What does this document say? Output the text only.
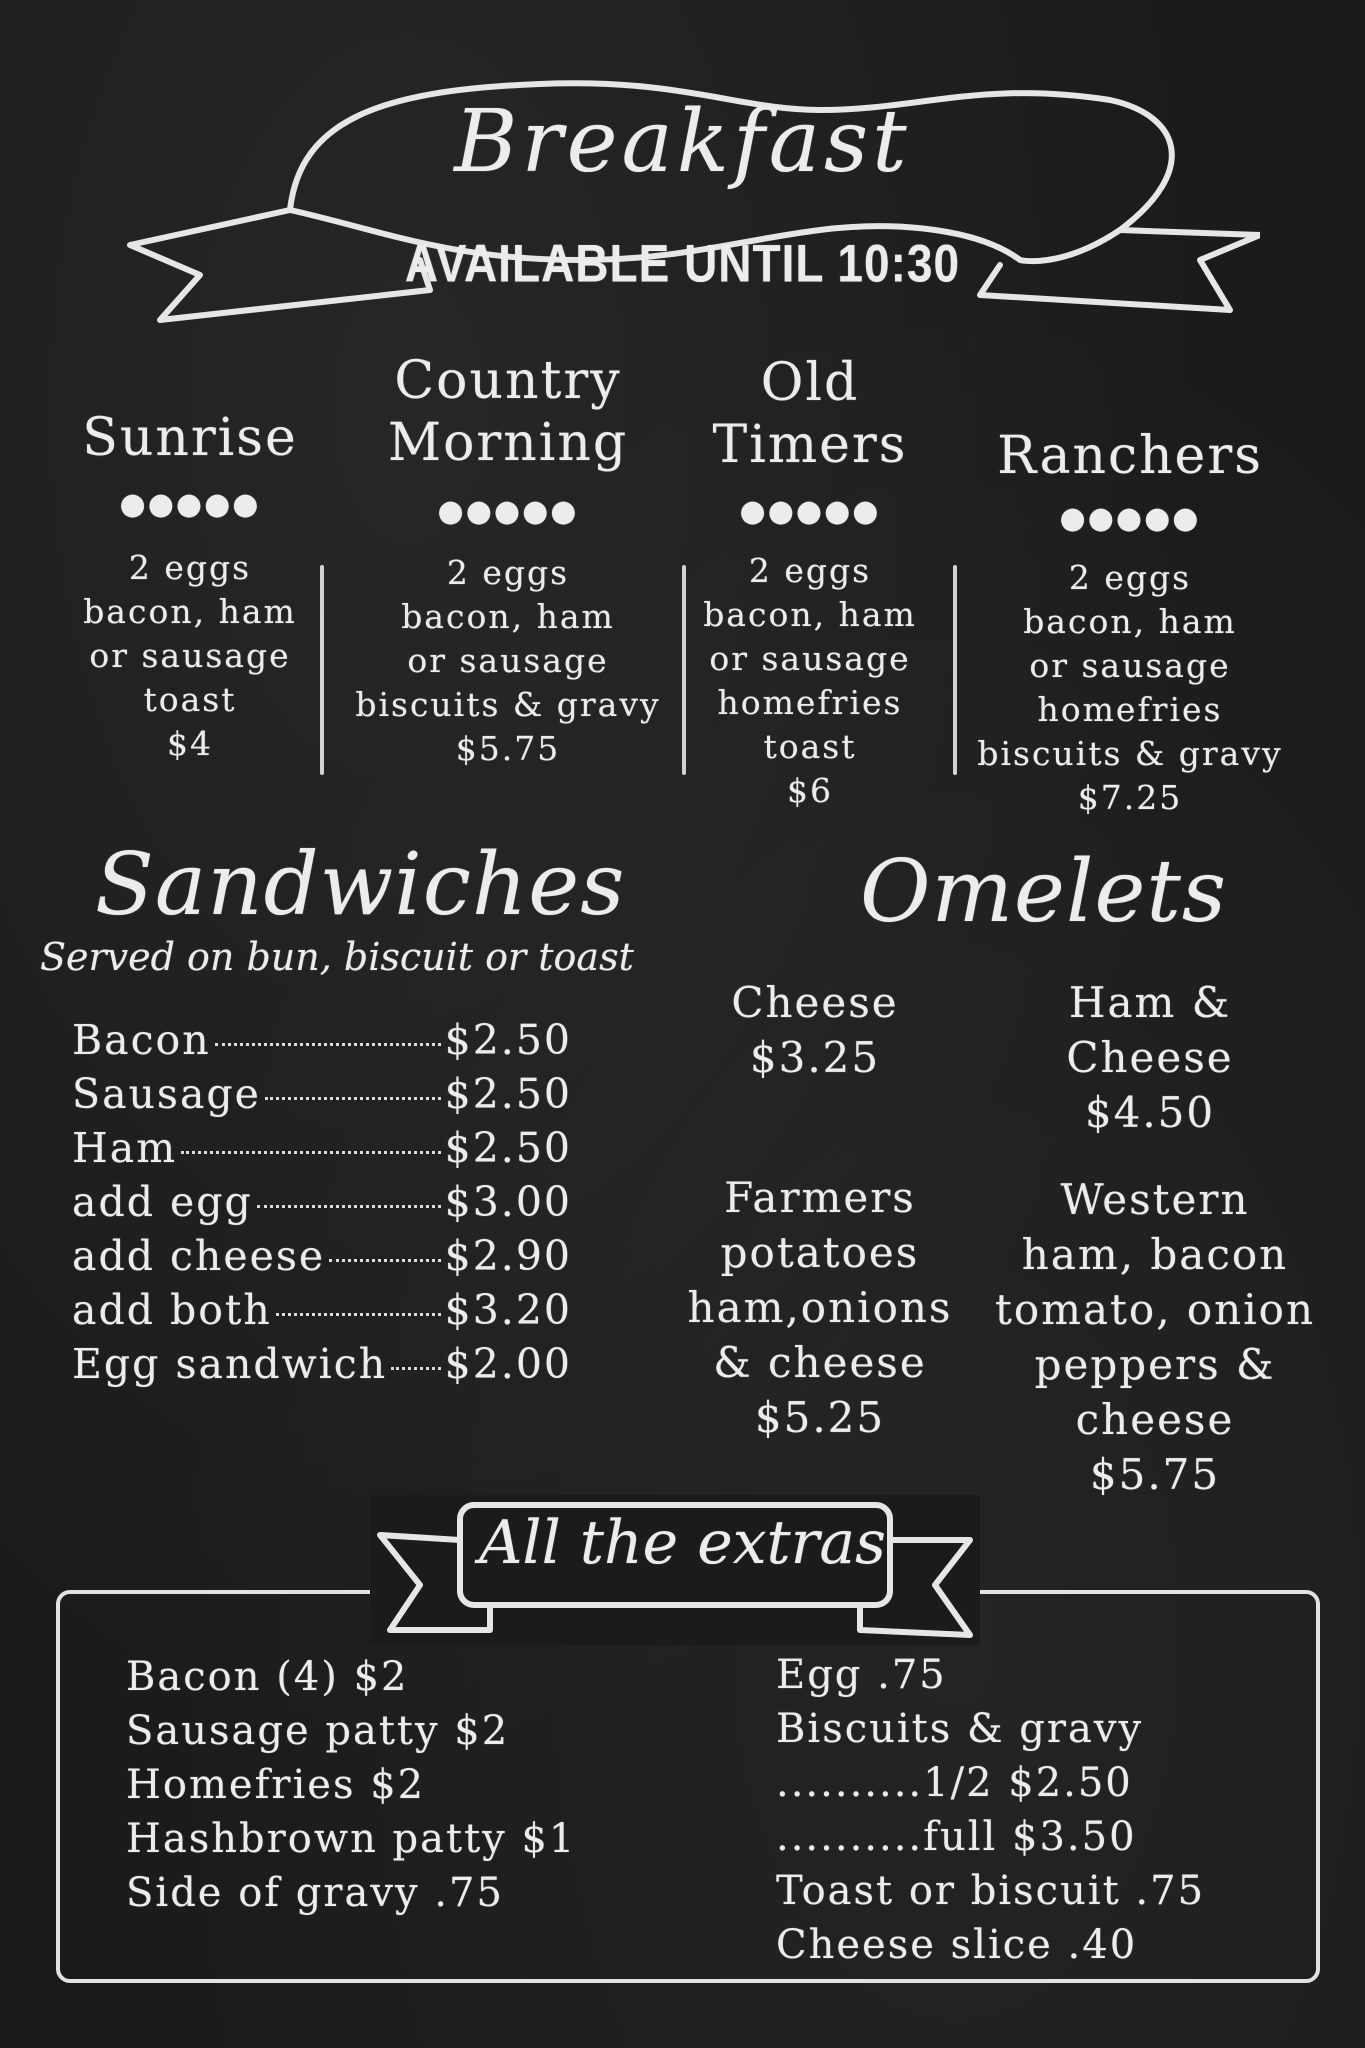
Breakfast
AVAILABLE UNTIL 10:30
Sunrise
●●●●●
2 eggs
bacon, ham
or sausage
toast
$4
Country
Morning
●●●●●
2 eggs
bacon, ham
or sausage
biscuits & gravy
$5.75
Old
Timers
●●●●●
2 eggs
bacon, ham
or sausage
homefries
toast
$6
Ranchers
●●●●●
2 eggs
bacon, ham
or sausage
homefries
biscuits & gravy
$7.25
Sandwiches
Served on bun, biscuit or toast
Bacon	$2.50
Sausage	$2.50
Ham	$2.50
add egg	$3.00
add cheese	$2.90
add both	$3.20
Egg sandwich $2.00
Omelets
Cheese
$3.25
Ham &
Cheese
$4.50
Farmers
potatoes
ham,onions
& cheese
$5.25
Western
ham, bacon
tomato, onion
peppers &
cheese
$5.75
All the extras
Bacon (4) $2
Sausage patty $2
Homefries $2
Hashbrown patty $1
Side of gravy .75
Egg .75
Biscuits & gravy
..........1/2 $2.50
..........full $3.50
Toast or biscuit .75
Cheese slice .40
